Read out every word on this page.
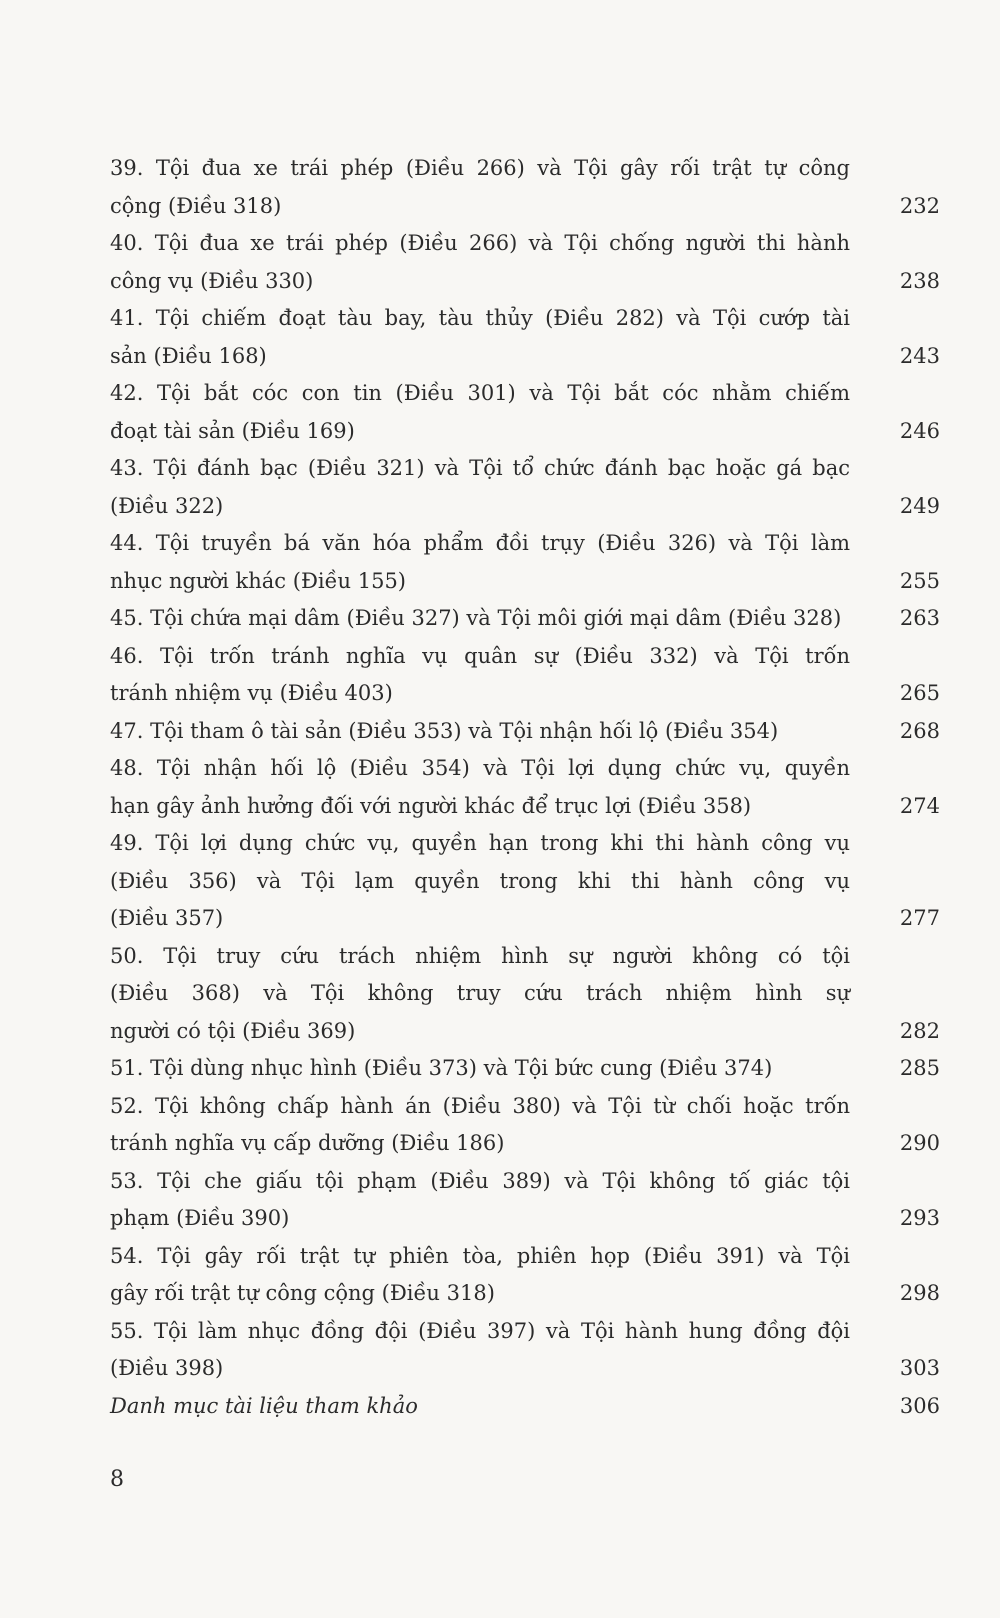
39. Tội đua xe trái phép (Điều 266) và Tội gây rối trật tự công
cộng (Điều 318)	232
40. Tội đua xe trái phép (Điều 266) và Tội chống người thi hành
công vụ (Điều 330)	238
41. Tội chiếm đoạt tàu bay, tàu thủy (Điều 282) và Tội cướp tài
sản (Điều 168)	243
42. Tội bắt cóc con tin (Điều 301) và Tội bắt cóc nhằm chiếm
đoạt tài sản (Điều 169)	246
43. Tội đánh bạc (Điều 321) và Tội tổ chức đánh bạc hoặc gá bạc
(Điều 322)	249
44. Tội truyền bá văn hóa phẩm đồi trụy (Điều 326) và Tội làm
nhục người khác (Điều 155)	255
45. Tội chứa mại dâm (Điều 327) và Tội môi giới mại dâm (Điều 328)	263
46. Tội trốn tránh nghĩa vụ quân sự (Điều 332) và Tội trốn
tránh nhiệm vụ (Điều 403)	265
47. Tội tham ô tài sản (Điều 353) và Tội nhận hối lộ (Điều 354)	268
48. Tội nhận hối lộ (Điều 354) và Tội lợi dụng chức vụ, quyền
hạn gây ảnh hưởng đối với người khác để trục lợi (Điều 358)	274
49. Tội lợi dụng chức vụ, quyền hạn trong khi thi hành công vụ
(Điều 356) và Tội lạm quyền trong khi thi hành công vụ
(Điều 357)	277
50. Tội truy cứu trách nhiệm hình sự người không có tội
(Điều 368) và Tội không truy cứu trách nhiệm hình sự
người có tội (Điều 369)	282
51. Tội dùng nhục hình (Điều 373) và Tội bức cung (Điều 374)	285
52. Tội không chấp hành án (Điều 380) và Tội từ chối hoặc trốn
tránh nghĩa vụ cấp dưỡng (Điều 186)	290
53. Tội che giấu tội phạm (Điều 389) và Tội không tố giác tội
phạm (Điều 390)	293
54. Tội gây rối trật tự phiên tòa, phiên họp (Điều 391) và Tội
gây rối trật tự công cộng (Điều 318)	298
55. Tội làm nhục đồng đội (Điều 397) và Tội hành hung đồng đội
(Điều 398)	303
Danh mục tài liệu tham khảo	306
8
